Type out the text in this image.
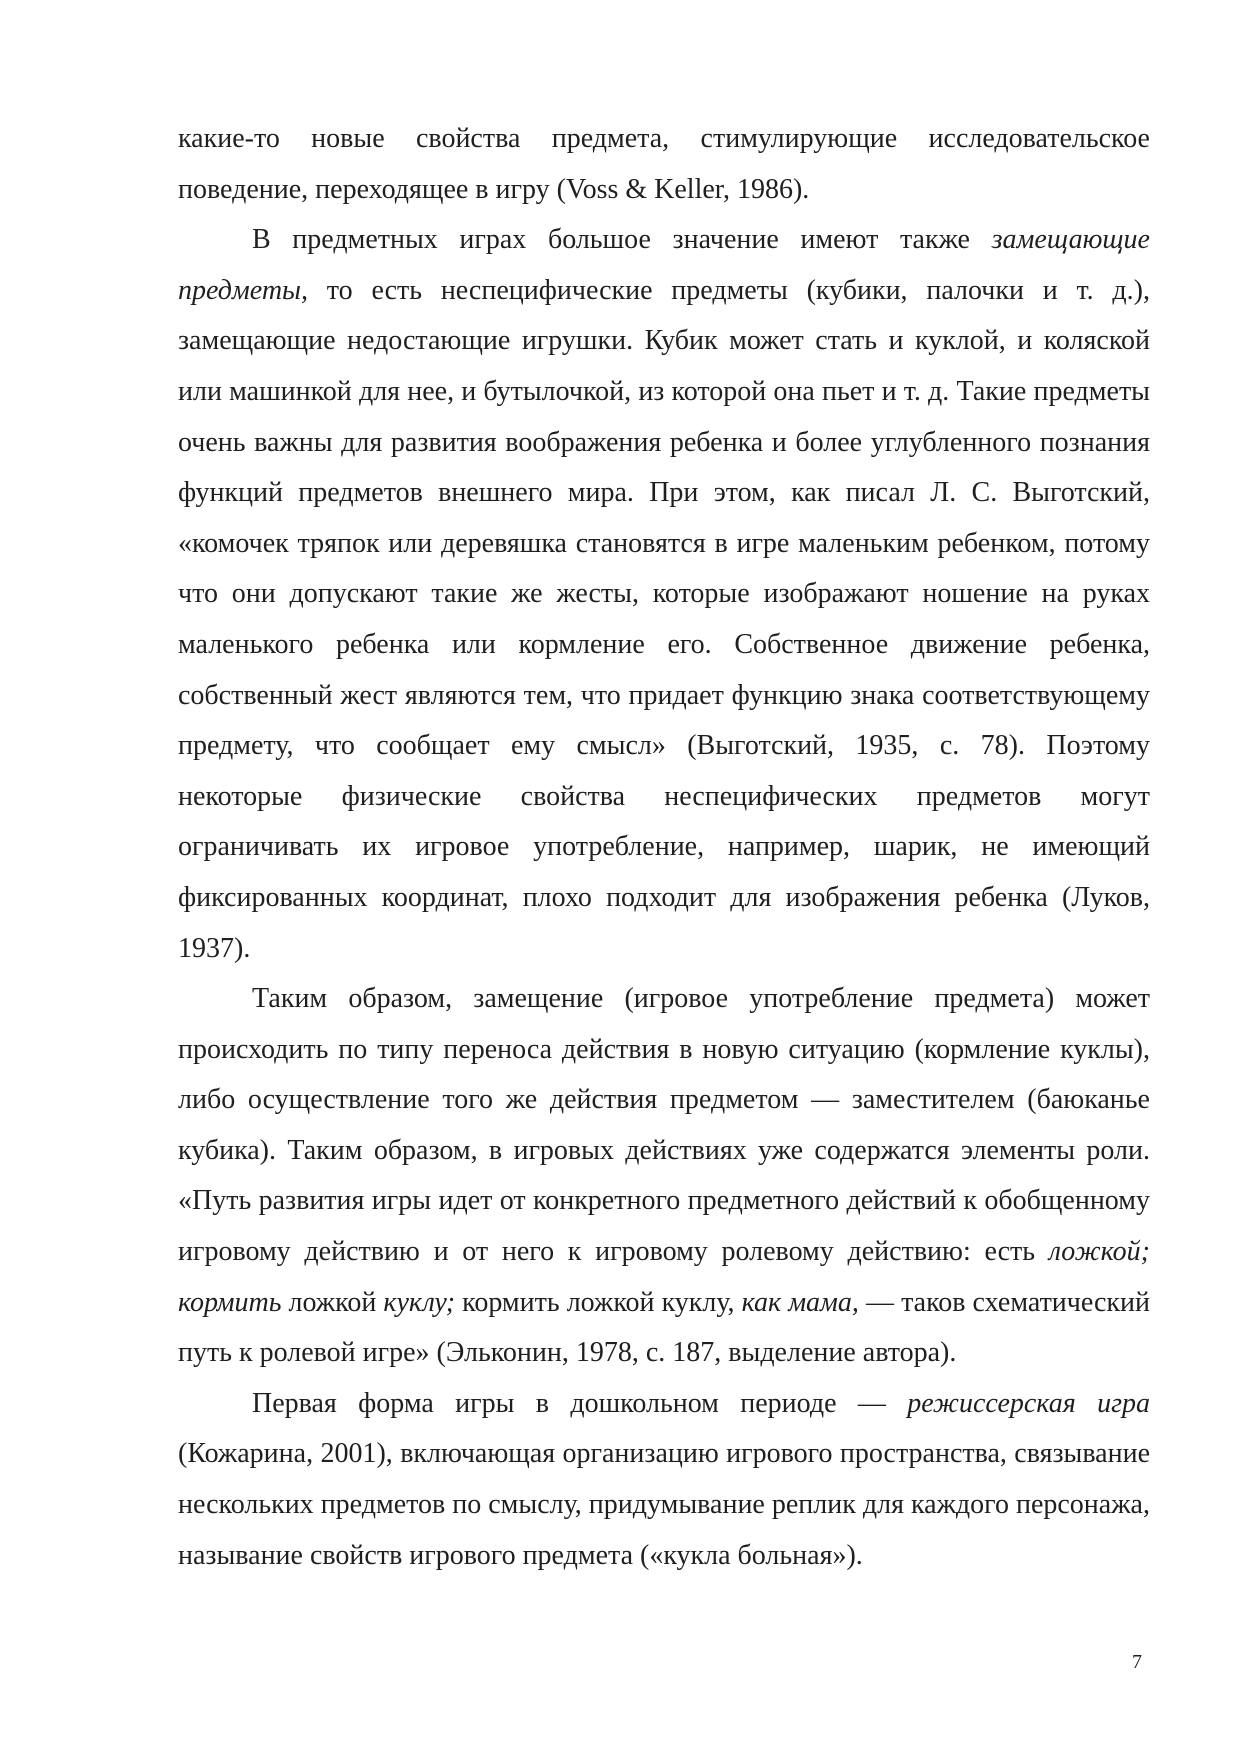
какие-то новые свойства предмета, стимулирующие исследовательское поведение, переходящее в игру (Voss & Keller, 1986).

В предметных играх большое значение имеют также замещающие предметы, то есть неспецифические предметы (кубики, палочки и т. д.), замещающие недостающие игрушки. Кубик может стать и куклой, и коляской или машинкой для нее, и бутылочкой, из которой она пьет и т. д. Такие предметы очень важны для развития воображения ребенка и более углубленного познания функций предметов внешнего мира. При этом, как писал Л. С. Выготский, «комочек тряпок или деревяшка становятся в игре маленьким ребенком, потому что они допускают такие же жесты, которые изображают ношение на руках маленького ребенка или кормление его. Собственное движение ребенка, собственный жест являются тем, что придает функцию знака соответствующему предмету, что сообщает ему смысл» (Выготский, 1935, с. 78). Поэтому некоторые физические свойства неспецифических предметов могут ограничивать их игровое употребление, например, шарик, не имеющий фиксированных координат, плохо подходит для изображения ребенка (Луков, 1937).

Таким образом, замещение (игровое употребление предмета) может происходить по типу переноса действия в новую ситуацию (кормление куклы), либо осуществление того же действия предметом — заместителем (баюканье кубика). Таким образом, в игровых действиях уже содержатся элементы роли. «Путь развития игры идет от конкретного предметного действий к обобщенному игровому действию и от него к игровому ролевому действию: есть ложкой; кормить ложкой куклу; кормить ложкой куклу, как мама, — таков схематический путь к ролевой игре» (Эльконин, 1978, с. 187, выделение автора).

Первая форма игры в дошкольном периоде — режиссерская игра (Кожарина, 2001), включающая организацию игрового пространства, связывание нескольких предметов по смыслу, придумывание реплик для каждого персонажа, называние свойств игрового предмета («кукла больная»).

7
